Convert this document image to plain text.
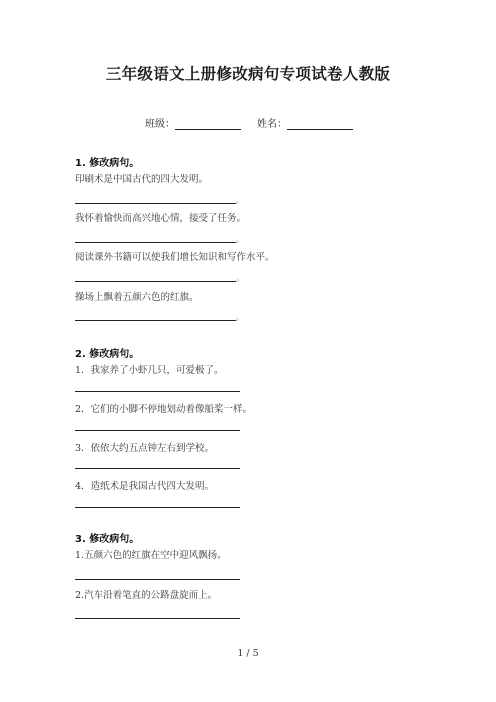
三年级语文上册修改病句专项试卷人教版
班级：	姓名：
1. 修改病句。
印刷术是中国古代的四大发明。
。
我怀着愉快而高兴地心情，接受了任务。
。
阅读课外书籍可以使我们增长知识和写作水平。
。
操场上飘着五颜六色的红旗。
。
2. 修改病句。
1．我家养了小虾几只，可爱极了。
2．它们的小脚不停地划动着像船桨一样。
3．依依大约五点钟左右到学校。
4．造纸术是我国古代四大发明。
3. 修改病句。
1.五颜六色的红旗在空中迎风飘扬。
2.汽车沿着笔直的公路盘旋而上。
1 / 5
